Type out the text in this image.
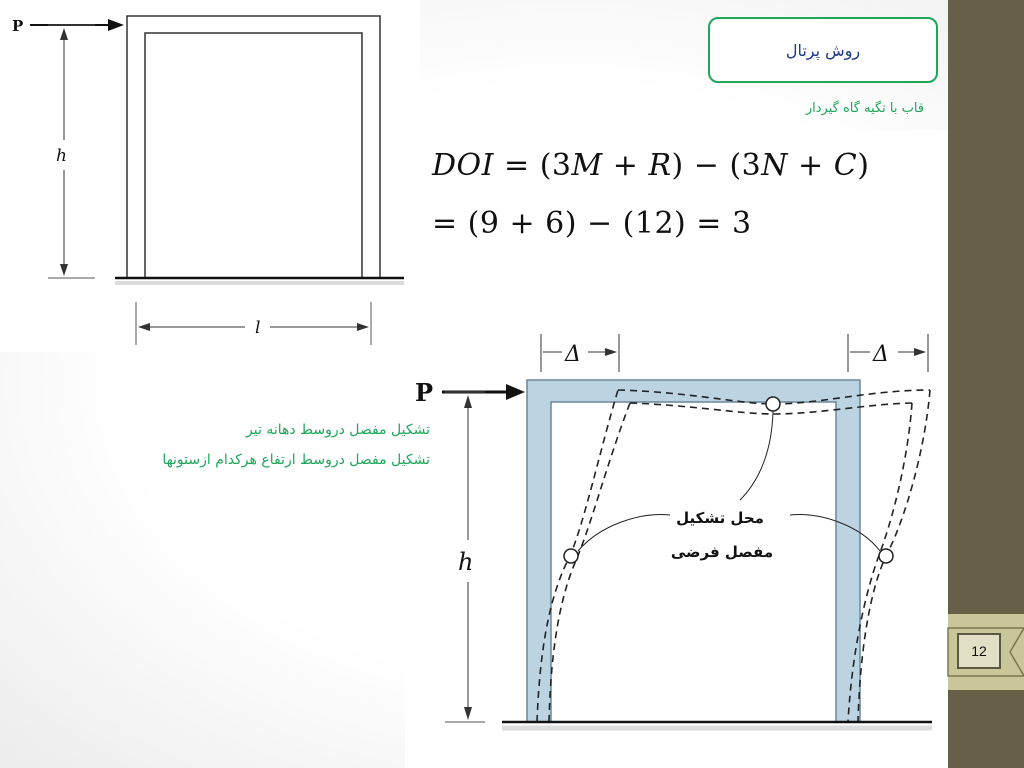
12
P
h
l
روش پرتال
قاب با تگیه گاه گیردار
DOI = (3M + R) − (3N + C)
= (9 + 6) − (12) = 3
تشکیل مفصل دروسط دهانه تیر
تشکیل مفصل دروسط ارتفاع هرکدام ازستونها
Δ	Δ
P
محل تشکیل
مفصل فرضی
h
